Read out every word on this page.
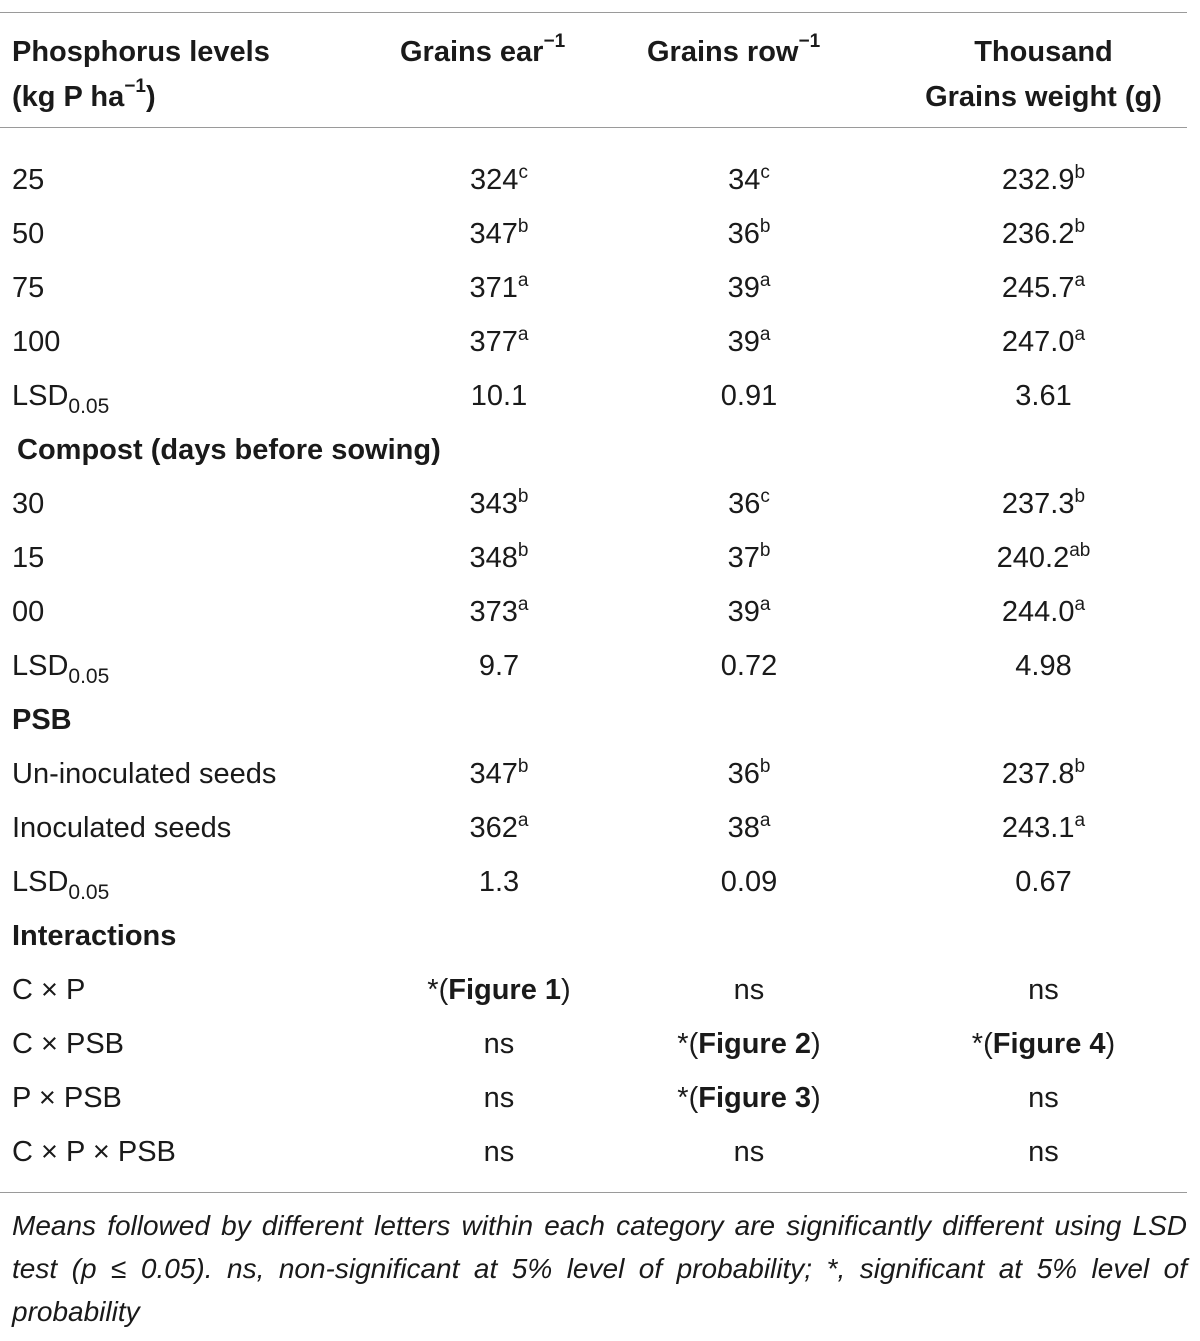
Phosphorus levels
(kg P $ha^{-1}$)
Grains ear$^{-1}$	Grains row$^{-1}$	Thousand
Grains weight (g)
25	324$^c$	34$^c$	232.9$^b$
50	347$^b$	36$^b$	236.2$^b$
75	371$^a$	39$^a$	245.7$^a$
100	377$^a$	39$^a$	247.0$^a$
$LSD_{0.05}$	10.1	0.91	3.61
Compost (days before sowing)
30	343$^b$	36$^c$	237.3$^b$
15	348$^b$	37$^b$	240.2$^{ab}$
00	373$^a$	39$^a$	244.0$^a$
$LSD_{0.05}$	9.7	0.72	4.98
PSB
Un-inoculated seeds	347$^b$	36$^b$	237.8$^b$
Inoculated seeds	362$^a$	38$^a$	243.1$^a$
$LSD_{0.05}$	1.3	0.09	0.67
Interactions
C × P	*(Figure 1)	ns	ns
C × PSB	ns	*(Figure 2)	*(Figure 4)
P × PSB	ns	*(Figure 3)	ns
C × P × PSB	ns	ns	ns
Means followed by different letters within each category are significantly different using LSD test (p ≤ 0.05). ns, non-significant at 5% level of probability; *, significant at 5% level of probability
